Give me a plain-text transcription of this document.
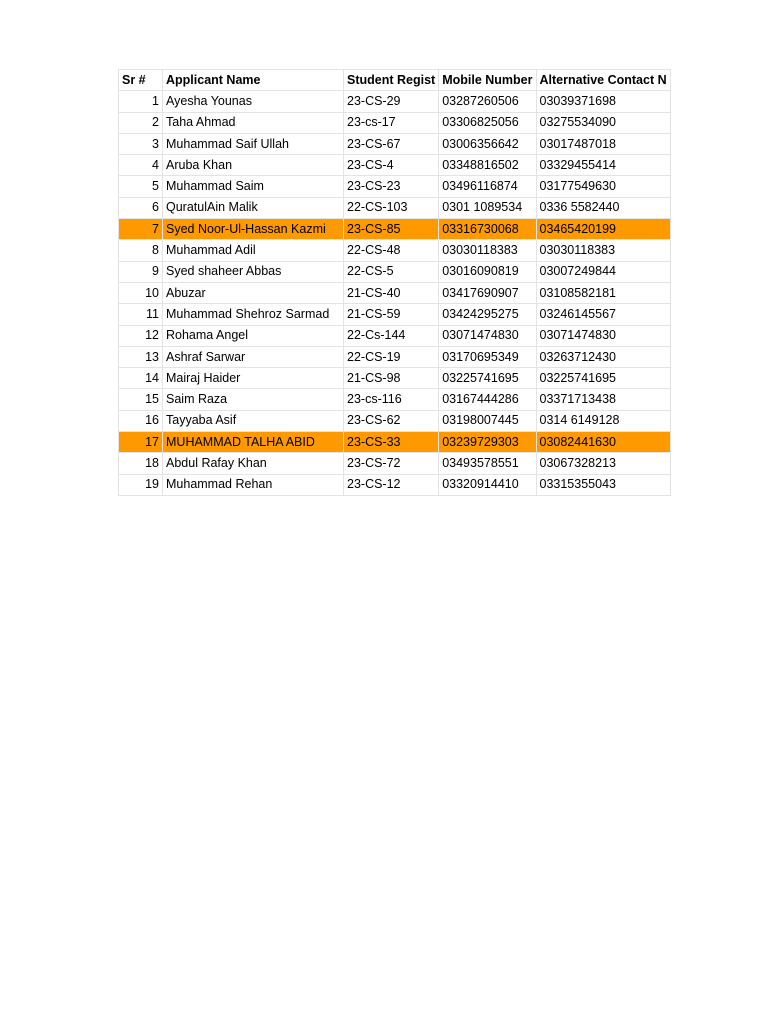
Sr #	Applicant Name	Student Regist	Mobile Number	Alternative Contact N
1	Ayesha Younas	23-CS-29	03287260506	03039371698
2	Taha Ahmad	23-cs-17	03306825056	03275534090
3	Muhammad Saif Ullah	23-CS-67	03006356642	03017487018
4	Aruba Khan	23-CS-4	03348816502	03329455414
5	Muhammad Saim	23-CS-23	03496116874	03177549630
6	QuratulAin Malik	22-CS-103	0301 1089534	0336 5582440
7	Syed Noor-Ul-Hassan Kazmi	23-CS-85	03316730068	03465420199
8	Muhammad Adil	22-CS-48	03030118383	03030118383
9	Syed shaheer Abbas	22-CS-5	03016090819	03007249844
10	Abuzar	21-CS-40	03417690907	03108582181
11	Muhammad Shehroz Sarmad	21-CS-59	03424295275	03246145567
12	Rohama Angel	22-Cs-144	03071474830	03071474830
13	Ashraf Sarwar	22-CS-19	03170695349	03263712430
14	Mairaj Haider	21-CS-98	03225741695	03225741695
15	Saim Raza	23-cs-116	03167444286	03371713438
16	Tayyaba Asif	23-CS-62	03198007445	0314 6149128
17	MUHAMMAD TALHA ABID	23-CS-33	03239729303	03082441630
18	Abdul Rafay Khan	23-CS-72	03493578551	03067328213
19	Muhammad Rehan	23-CS-12	03320914410	03315355043
